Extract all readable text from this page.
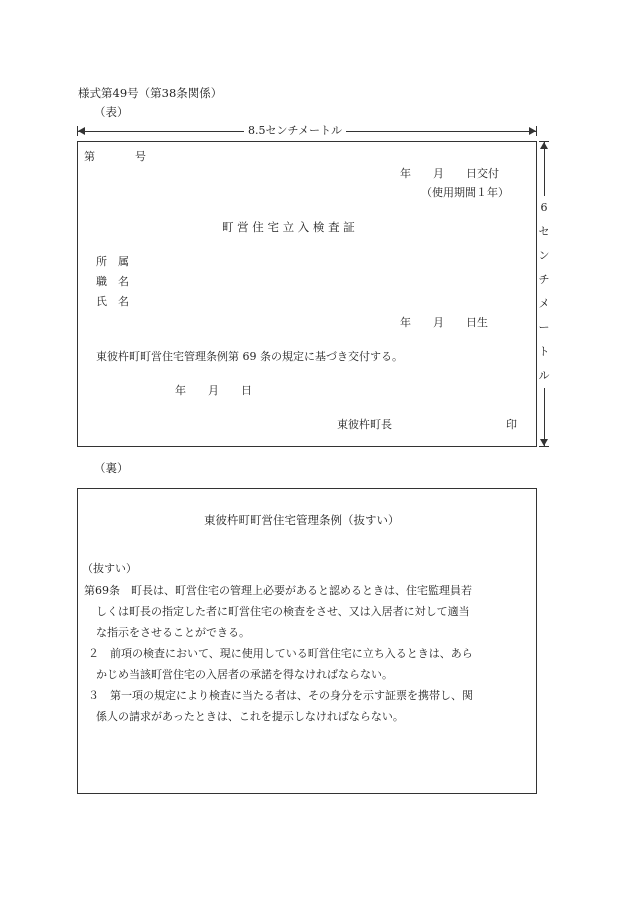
様式第49号（第38条関係）
（表）
8.5センチメートル
6
セ
ン
チ
メ
ー
ト
ル
第	号
年　　月　　日交付
（使用期間１年）
町 営 住 宅 立 入 検 査 証
所　属
職　名
氏　名
年　　月　　日生
東彼杵町町営住宅管理条例第 69 条の規定に基づき交付する。
年　　月　　日
東彼杵町長	印
（裏）
東彼杵町町営住宅管理条例（抜すい）
（抜すい）
第69条　町長は、町営住宅の管理上必要があると認めるときは、住宅監理員若
しくは町長の指定した者に町営住宅の検査をさせ、又は入居者に対して適当
な指示をさせることができる。
２　前項の検査において、現に使用している町営住宅に立ち入るときは、あら
かじめ当該町営住宅の入居者の承諾を得なければならない。
３　第一項の規定により検査に当たる者は、その身分を示す証票を携帯し、関
係人の請求があったときは、これを提示しなければならない。
